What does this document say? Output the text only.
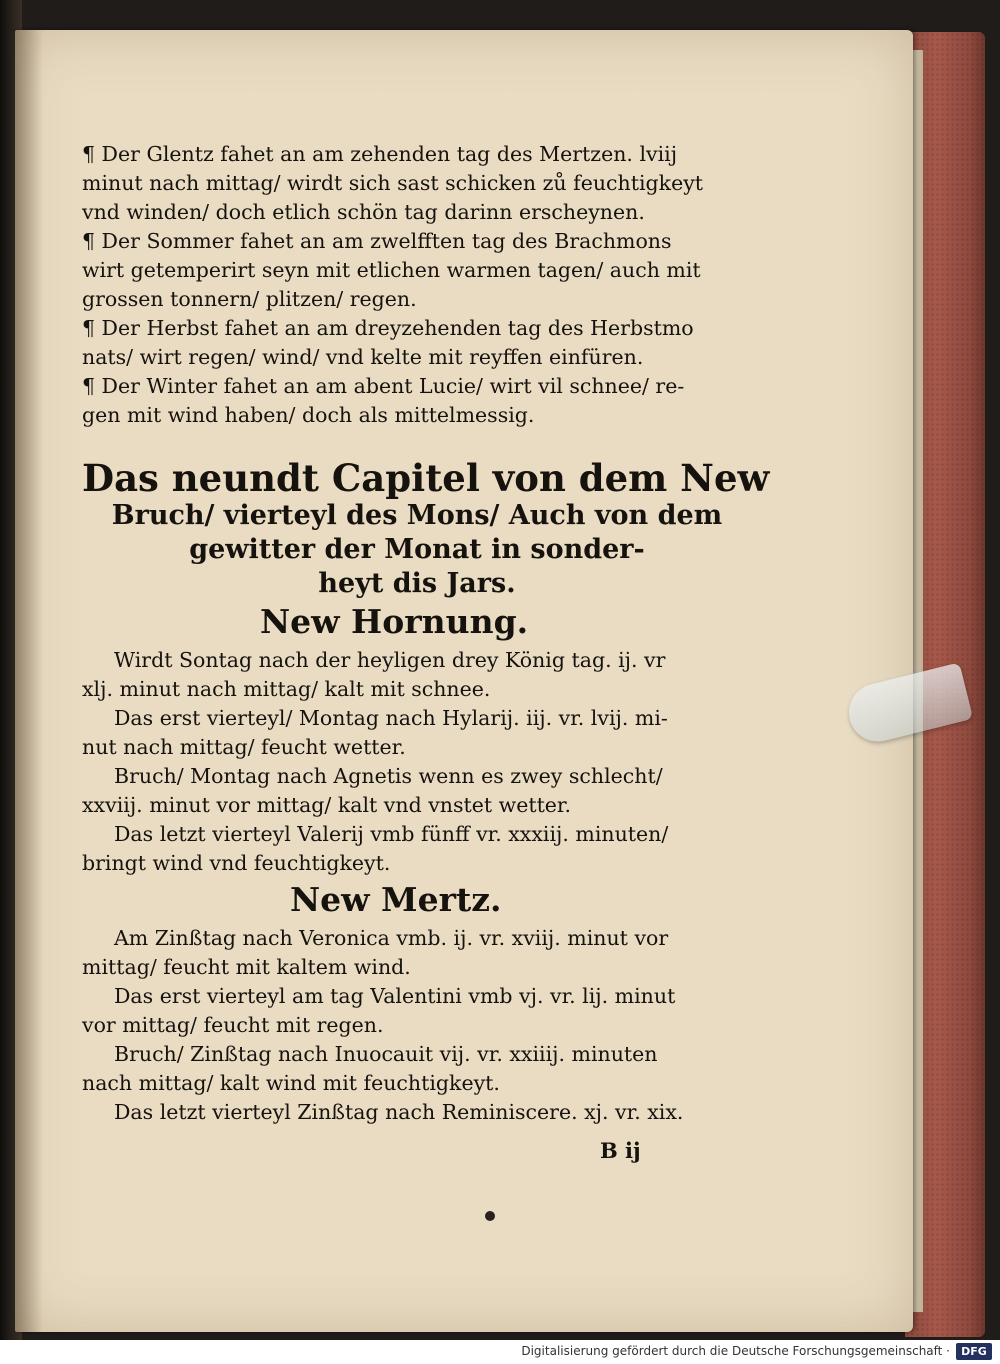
¶ Der Glentz fahet an am zehenden tag des Mertzen. lviij
minut nach mittag/ wirdt sich sast schicken zů feuchtigkeyt
vnd winden/ doch etlich schön tag darinn erscheynen.
¶ Der Sommer fahet an am zwelfften tag des Brachmons
wirt getemperirt seyn mit etlichen warmen tagen/ auch mit
grossen tonnern/ plitzen/ regen.
¶ Der Herbst fahet an am dreyzehenden tag des Herbstmo
nats/ wirt regen/ wind/ vnd kelte mit reyffen einfüren.
¶ Der Winter fahet an am abent Lucie/ wirt vil schnee/ re-
gen mit wind haben/ doch als mittelmessig.
Das neundt Capitel von dem New
Bruch/ vierteyl des Mons/ Auch von dem
gewitter der Monat in sonder-
heyt dis Jars.
New Hornung.
Wirdt Sontag nach der heyligen drey König tag. ij. vr
xlj. minut nach mittag/ kalt mit schnee.
Das erst vierteyl/ Montag nach Hylarij. iij. vr. lvij. mi-
nut nach mittag/ feucht wetter.
Bruch/ Montag nach Agnetis wenn es zwey schlecht/
xxviij. minut vor mittag/ kalt vnd vnstet wetter.
Das letzt vierteyl Valerij vmb fünff vr. xxxiij. minuten/
bringt wind vnd feuchtigkeyt.
New Mertz.
Am Zinßtag nach Veronica vmb. ij. vr. xviij. minut vor
mittag/ feucht mit kaltem wind.
Das erst vierteyl am tag Valentini vmb vj. vr. lij. minut
vor mittag/ feucht mit regen.
Bruch/ Zinßtag nach Inuocauit vij. vr. xxiiij. minuten
nach mittag/ kalt wind mit feuchtigkeyt.
Das letzt vierteyl Zinßtag nach Reminiscere. xj. vr. xix.
B ij
Digitalisierung gefördert durch die Deutsche Forschungsgemeinschaft ·	DFG
